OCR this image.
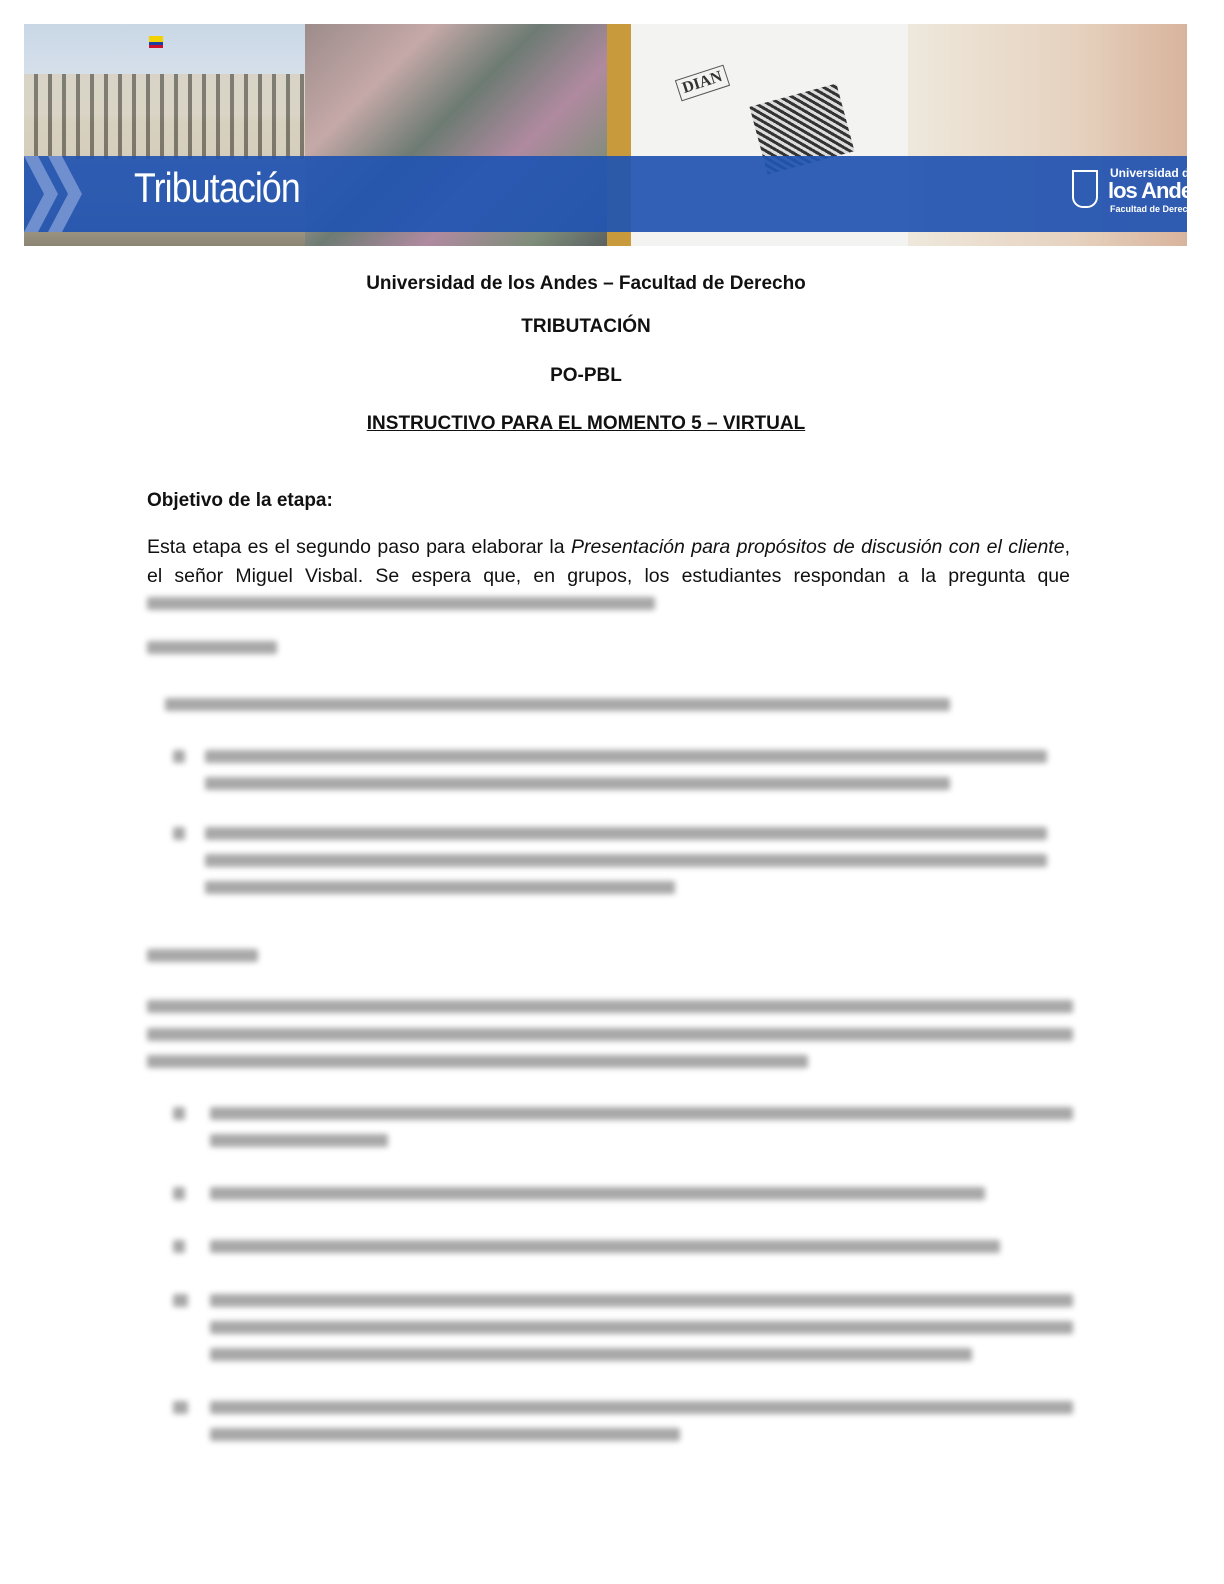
DIAN
Tributación	Universidad de
los Andes
Facultad de Derecho
Universidad de los Andes – Facultad de Derecho
TRIBUTACIÓN
PO-PBL
INSTRUCTIVO PARA EL MOMENTO 5 – VIRTUAL
Objetivo de la etapa:
Esta etapa es el segundo paso para elaborar la Presentación para propósitos de discusión con el cliente, el señor Miguel Visbal. Se espera que, en grupos, los estudiantes respondan a la pregunta que
